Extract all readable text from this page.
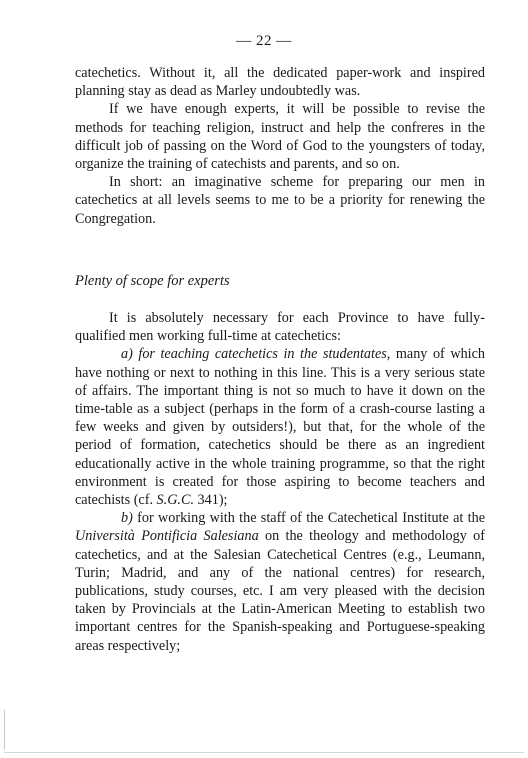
— 22 —

catechetics. Without it, all the dedicated paper-work and inspired planning stay as dead as Marley undoubtedly was.

If we have enough experts, it will be possible to revise the methods for teaching religion, instruct and help the confreres in the difficult job of passing on the Word of God to the youngsters of today, organize the training of catechists and parents, and so on.

In short: an imaginative scheme for preparing our men in catechetics at all levels seems to me to be a priority for renewing the Congregation.

Plenty of scope for experts

It is absolutely necessary for each Province to have fully-qualified men working full-time at catechetics:

a) for teaching catechetics in the studentates, many of which have nothing or next to nothing in this line. This is a very serious state of affairs. The important thing is not so much to have it down on the time-table as a subject (perhaps in the form of a crash-course lasting a few weeks and given by outsiders!), but that, for the whole of the period of formation, catechetics should be there as an ingredient educationally active in the whole training programme, so that the right environment is created for those aspiring to become teachers and catechists (cf. S.G.C. 341);

b) for working with the staff of the Catechetical Institute at the Università Pontificia Salesiana on the theology and methodology of catechetics, and at the Salesian Catechetical Centres (e.g., Leumann, Turin; Madrid, and any of the national centres) for research, publications, study courses, etc. I am very pleased with the decision taken by Provincials at the Latin-American Meeting to establish two important centres for the Spanish-speaking and Portuguese-speaking areas respectively;
